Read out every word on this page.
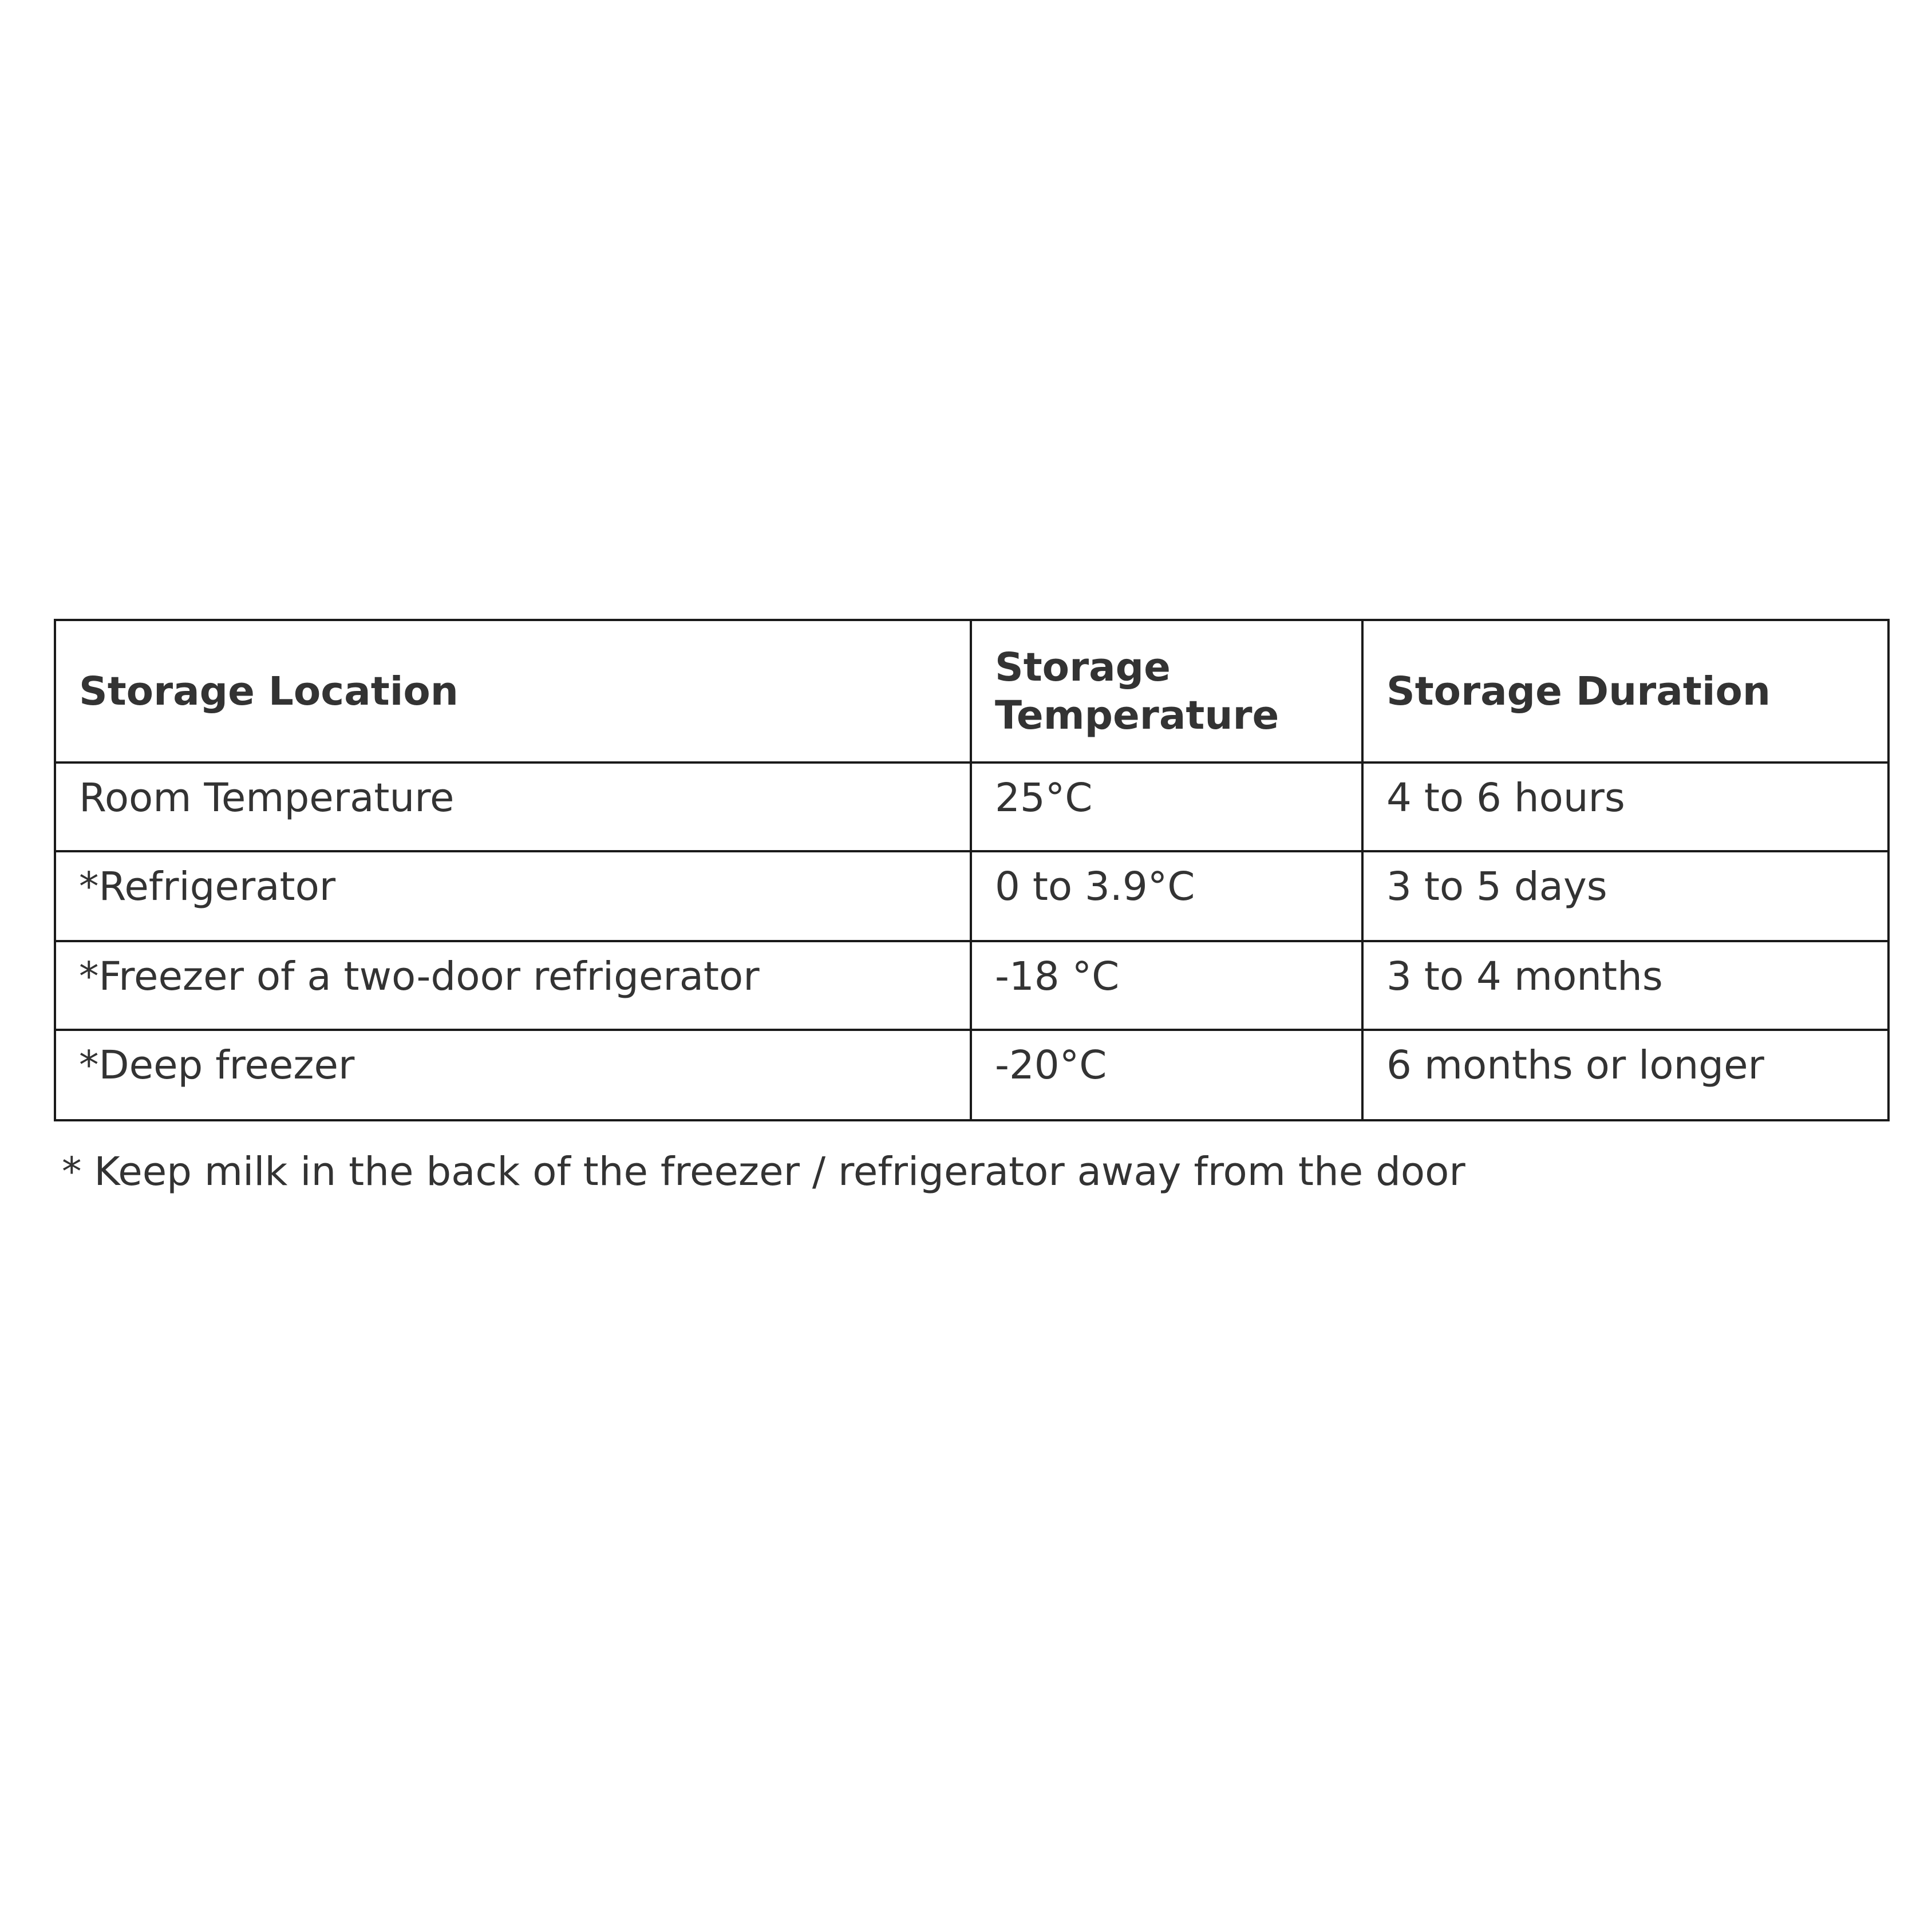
Storage Location	Storage Temperature	Storage Duration
Room Temperature	25°C	4 to 6 hours
*Refrigerator	0 to 3.9°C	3 to 5 days
*Freezer of a two-door refrigerator	-18 °C	3 to 4 months
*Deep freezer	-20°C	6 months or longer
* Keep milk in the back of the freezer / refrigerator away from the door
